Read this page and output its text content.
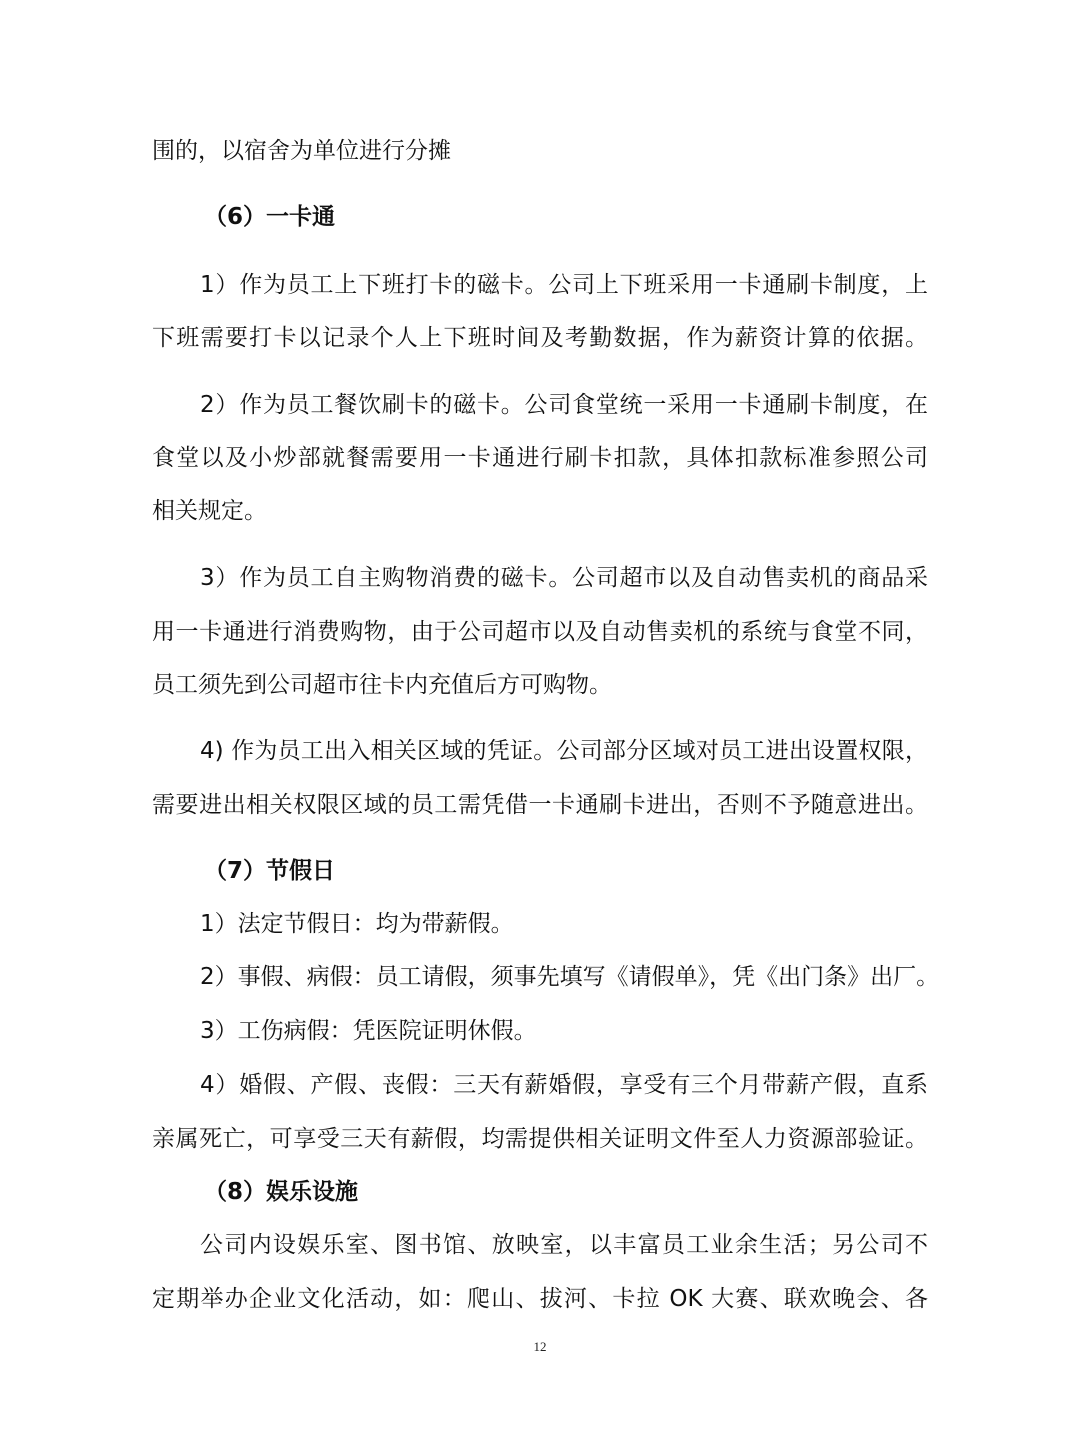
围的，以宿舍为单位进行分摊
（6）一卡通
1）作为员工上下班打卡的磁卡。公司上下班采用一卡通刷卡制度，上
下班需要打卡以记录个人上下班时间及考勤数据，作为薪资计算的依据。
2）作为员工餐饮刷卡的磁卡。公司食堂统一采用一卡通刷卡制度，在
食堂以及小炒部就餐需要用一卡通进行刷卡扣款，具体扣款标准参照公司
相关规定。
3）作为员工自主购物消费的磁卡。公司超市以及自动售卖机的商品采
用一卡通进行消费购物，由于公司超市以及自动售卖机的系统与食堂不同，
员工须先到公司超市往卡内充值后方可购物。
4) 作为员工出入相关区域的凭证。公司部分区域对员工进出设置权限，
需要进出相关权限区域的员工需凭借一卡通刷卡进出，否则不予随意进出。
（7）节假日
1）法定节假日：均为带薪假。
2）事假、病假：员工请假，须事先填写《请假单》，凭《出门条》出厂。
3）工伤病假：凭医院证明休假。
4）婚假、产假、丧假：三天有薪婚假，享受有三个月带薪产假，直系
亲属死亡，可享受三天有薪假，均需提供相关证明文件至人力资源部验证。
（8）娱乐设施
公司内设娱乐室、图书馆、放映室，以丰富员工业余生活；另公司不
定期举办企业文化活动，如：爬山、拔河、卡拉 OK 大赛、联欢晚会、各
12
